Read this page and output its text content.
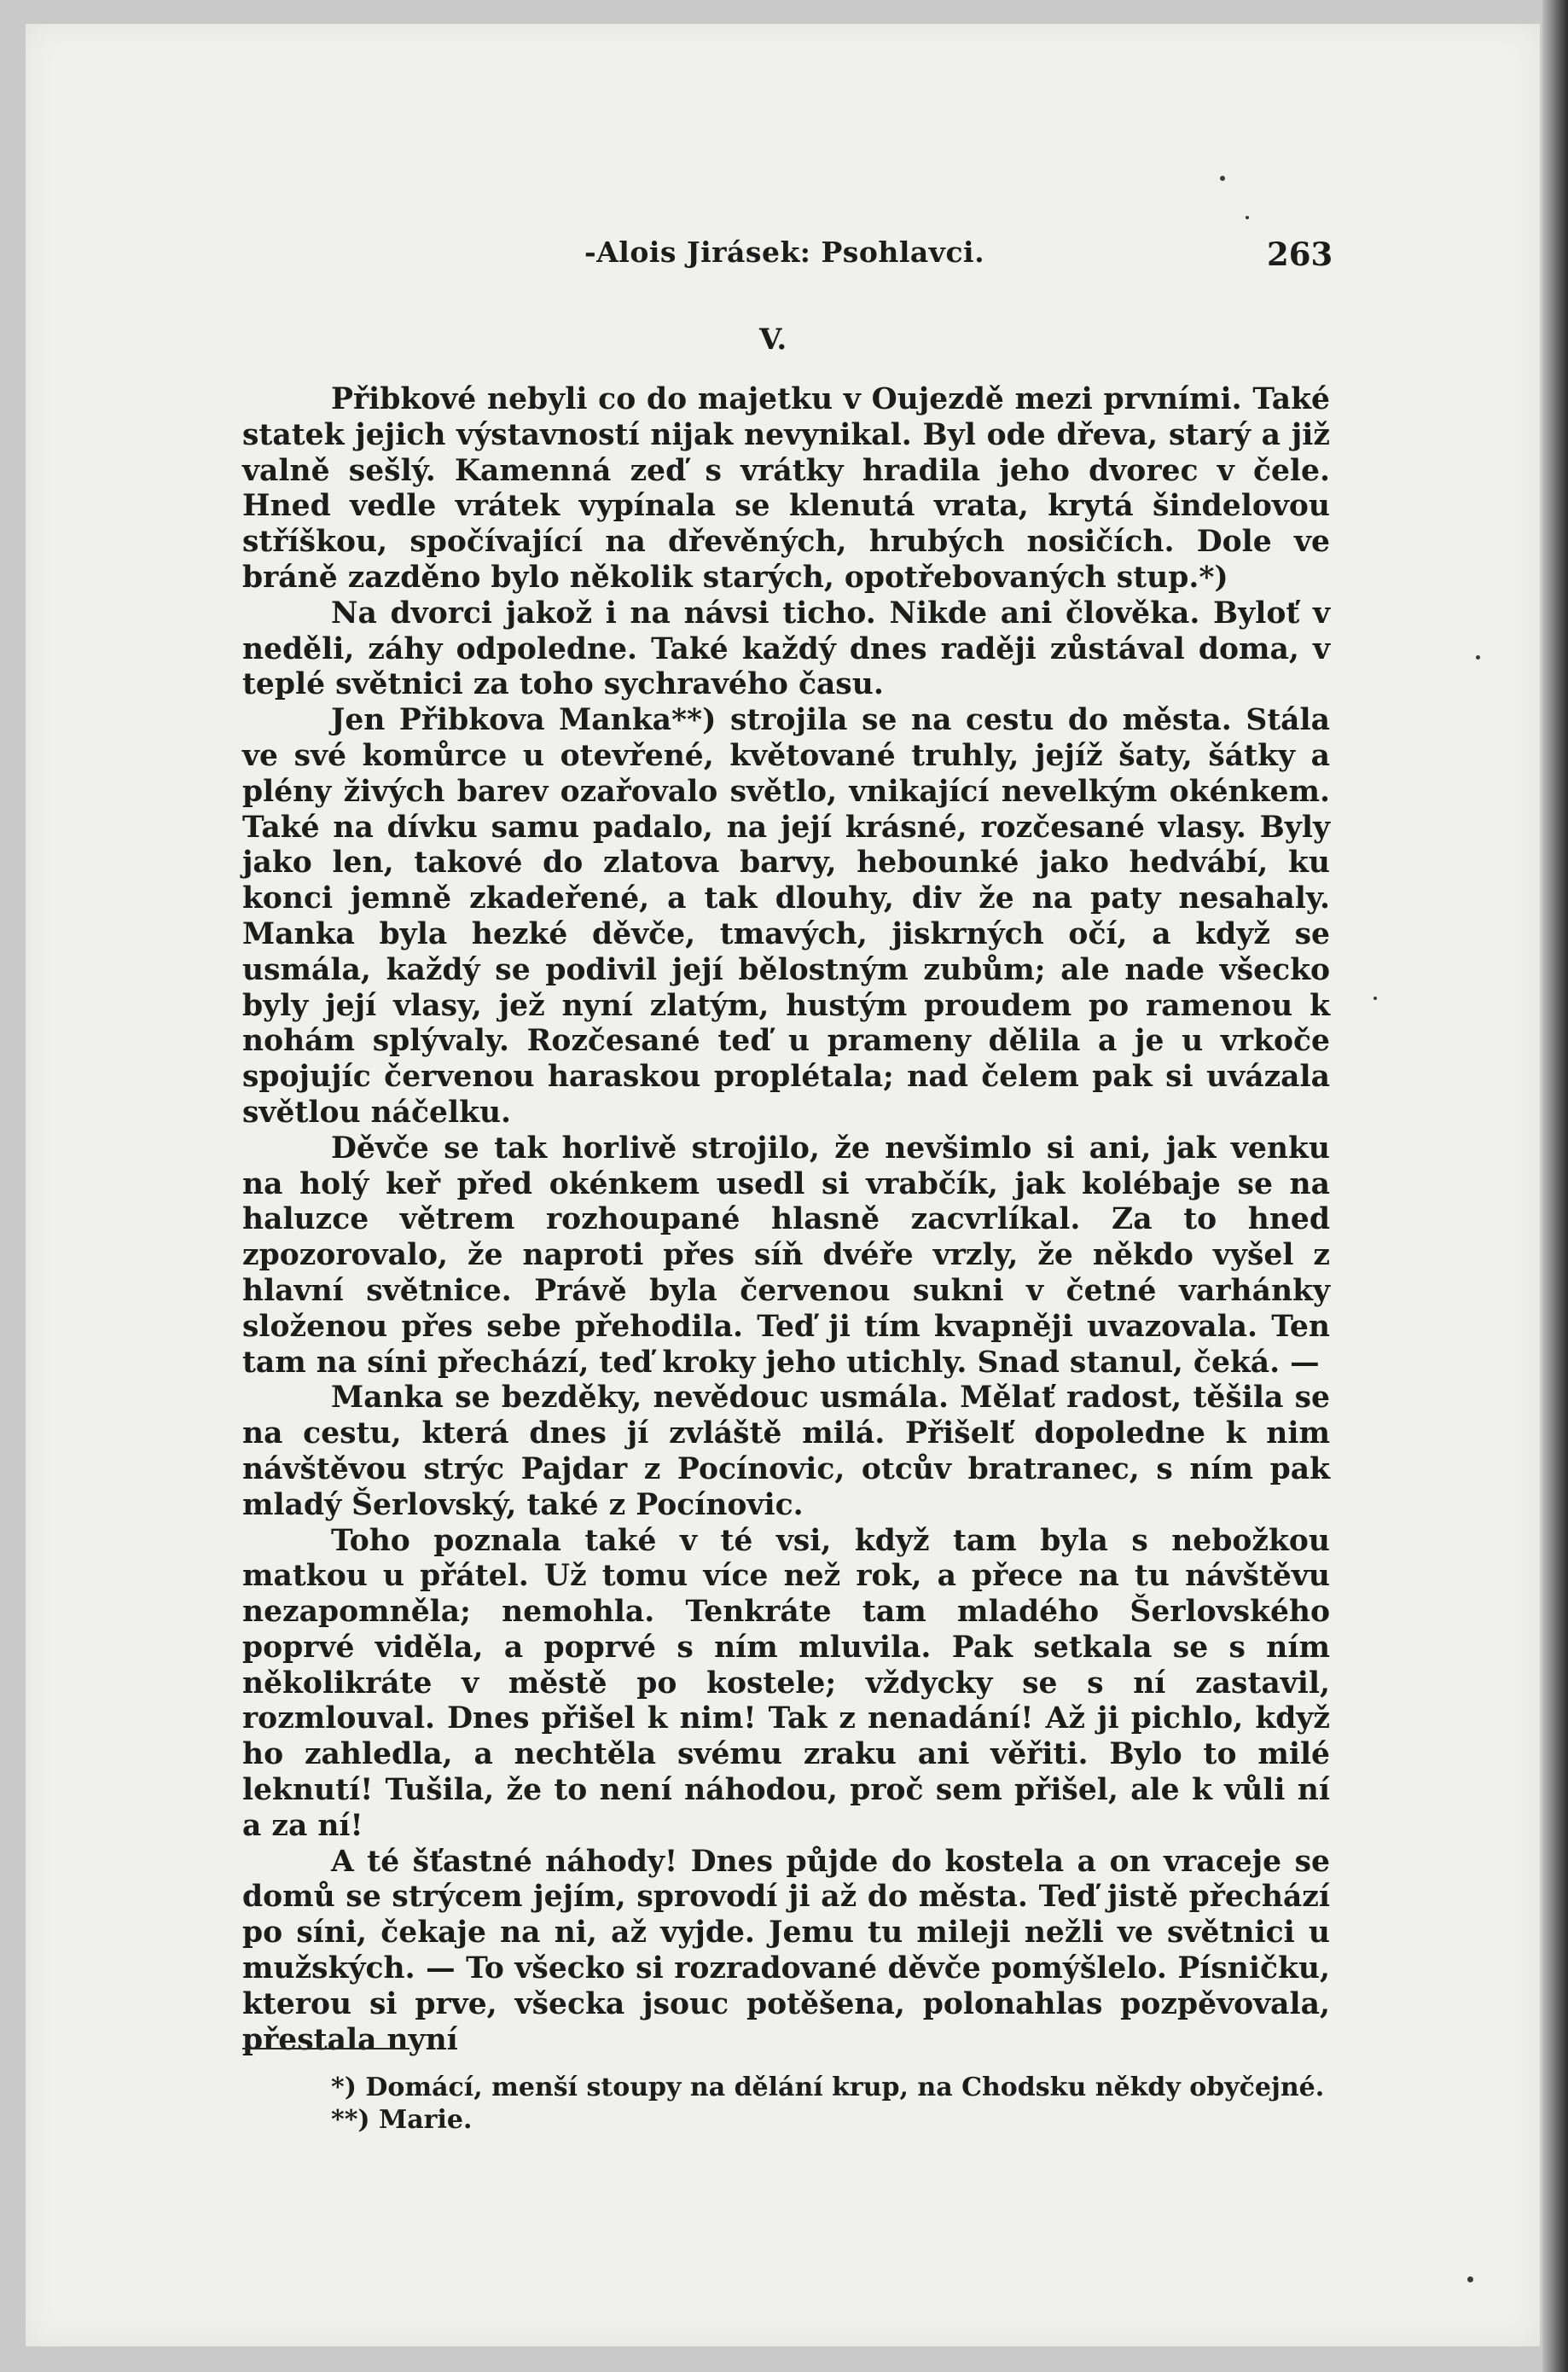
-Alois Jirásek: Psohlavci.	263
V.

Přibkové nebyli co do majetku v Oujezdě mezi prvními. Také statek jejich výstavností nijak nevynikal. Byl ode dřeva, starý a již valně sešlý. Kamenná zeď s vrátky hradila jeho dvorec v čele. Hned vedle vrátek vypínala se klenutá vrata, krytá šindelovou stříškou, spočívající na dřevěných, hrubých nosičích. Dole ve bráně zazděno bylo několik starých, opotřebovaných stup.*)

Na dvorci jakož i na návsi ticho. Nikde ani člověka. Byloť v neděli, záhy odpoledne. Také každý dnes raději zůstával doma, v teplé světnici za toho sychravého času.

Jen Přibkova Manka**) strojila se na cestu do města. Stála ve své komůrce u otevřené, květované truhly, jejíž šaty, šátky a plény živých barev ozařovalo světlo, vnikající nevelkým okénkem. Také na dívku samu padalo, na její krásné, rozčesané vlasy. Byly jako len, takové do zlatova barvy, hebounké jako hedvábí, ku konci jemně zkadeřené, a tak dlouhy, div že na paty nesahaly. Manka byla hezké děvče, tmavých, jiskrných očí, a když se usmála, každý se podivil její bělostným zubům; ale nade všecko byly její vlasy, jež nyní zlatým, hustým proudem po ramenou k nohám splývaly. Rozčesané teď u prameny dělila a je u vrkoče spojujíc červenou haraskou proplétala; nad čelem pak si uvázala světlou náčelku.

Děvče se tak horlivě strojilo, že nevšimlo si ani, jak venku na holý keř před okénkem usedl si vrabčík, jak kolébaje se na haluzce větrem rozhoupané hlasně zacvrlíkal. Za to hned zpozorovalo, že naproti přes síň dvéře vrzly, že někdo vyšel z hlavní světnice. Právě byla červenou sukni v četné varhánky složenou přes sebe přehodila. Teď ji tím kvapněji uvazovala. Ten tam na síni přechází, teď kroky jeho utichly. Snad stanul, čeká. —

Manka se bezděky, nevědouc usmála. Mělať radost, těšila se na cestu, která dnes jí zvláště milá. Přišelť dopoledne k nim návštěvou strýc Pajdar z Pocínovic, otcův bratranec, s ním pak mladý Šerlovský, také z Pocínovic.

Toho poznala také v té vsi, když tam byla s nebožkou matkou u přátel. Už tomu více než rok, a přece na tu návštěvu nezapomněla; nemohla. Tenkráte tam mladého Šerlovského poprvé viděla, a poprvé s ním mluvila. Pak setkala se s ním několikráte v městě po kostele; vždycky se s ní zastavil, rozmlouval. Dnes přišel k nim! Tak z nenadání! Až ji pichlo, když ho zahledla, a nechtěla svému zraku ani věřiti. Bylo to milé leknutí! Tušila, že to není náhodou, proč sem přišel, ale k vůli ní a za ní!

A té šťastné náhody! Dnes půjde do kostela a on vraceje se domů se strýcem jejím, sprovodí ji až do města. Teď jistě přechází po síni, čekaje na ni, až vyjde. Jemu tu mileji nežli ve světnici u mužských. — To všecko si rozradované děvče pomýšlelo. Písničku, kterou si prve, všecka jsouc potěšena, polonahlas pozpěvovala, přestala nyní

*) Domácí, menší stoupy na dělání krup, na Chodsku někdy obyčejné.
**) Marie.
